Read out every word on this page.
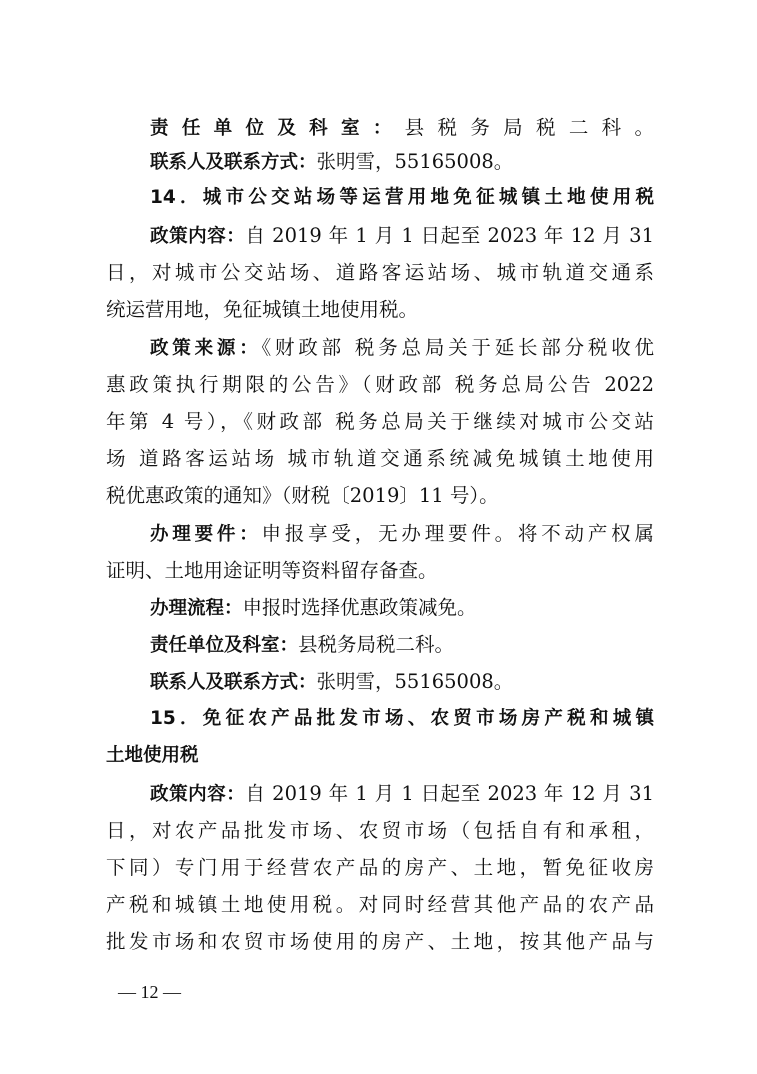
责任单位及科室：县税务局税二科。
联系人及联系方式：张明雪，55165008。
14．城市公交站场等运营用地免征城镇土地使用税
政策内容：自 2019 年 1 月 1 日起至 2023 年 12 月 31
日，对城市公交站场、道路客运站场、城市轨道交通系
统运营用地，免征城镇土地使用税。
政策来源：《财政部 税务总局关于延长部分税收优
惠政策执行期限的公告》（财政部 税务总局公告 2022
年第 4 号），《财政部 税务总局关于继续对城市公交站
场 道路客运站场 城市轨道交通系统减免城镇土地使用
税优惠政策的通知》（财税〔2019〕11 号）。
办理要件：申报享受，无办理要件。将不动产权属
证明、土地用途证明等资料留存备查。
办理流程：申报时选择优惠政策减免。
责任单位及科室：县税务局税二科。
联系人及联系方式：张明雪，55165008。
15．免征农产品批发市场、农贸市场房产税和城镇
土地使用税
政策内容：自 2019 年 1 月 1 日起至 2023 年 12 月 31
日，对农产品批发市场、农贸市场（包括自有和承租，
下同）专门用于经营农产品的房产、土地，暂免征收房
产税和城镇土地使用税。对同时经营其他产品的农产品
批发市场和农贸市场使用的房产、土地，按其他产品与
— 12 —
